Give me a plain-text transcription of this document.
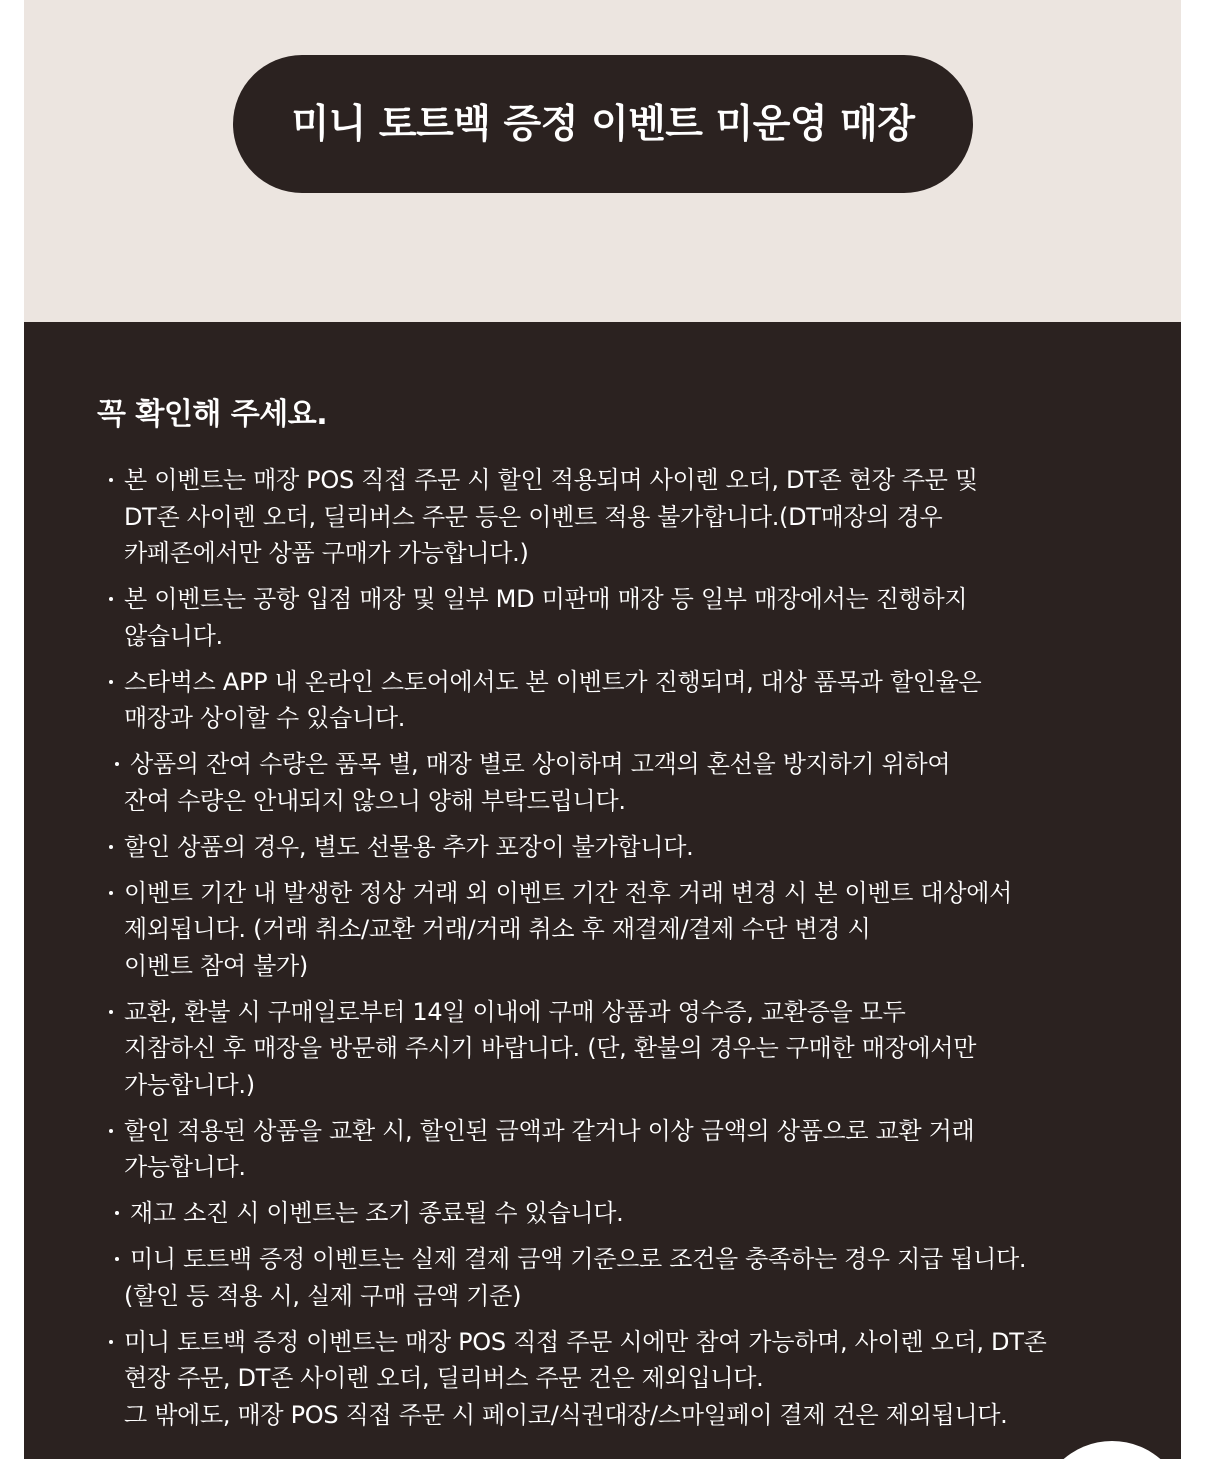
미니 토트백 증정 이벤트 미운영 매장
꼭 확인해 주세요.
본 이벤트는 매장 POS 직접 주문 시 할인 적용되며 사이렌 오더, DT존 현장 주문 및
DT존 사이렌 오더, 딜리버스 주문 등은 이벤트 적용 불가합니다.(DT매장의 경우
카페존에서만 상품 구매가 가능합니다.)
본 이벤트는 공항 입점 매장 및 일부 MD 미판매 매장 등 일부 매장에서는 진행하지
않습니다.
스타벅스 APP 내 온라인 스토어에서도 본 이벤트가 진행되며, 대상 품목과 할인율은
매장과 상이할 수 있습니다.
상품의 잔여 수량은 품목 별, 매장 별로 상이하며 고객의 혼선을 방지하기 위하여
잔여 수량은 안내되지 않으니 양해 부탁드립니다.
할인 상품의 경우, 별도 선물용 추가 포장이 불가합니다.
이벤트 기간 내 발생한 정상 거래 외 이벤트 기간 전후 거래 변경 시 본 이벤트 대상에서
제외됩니다. (거래 취소/교환 거래/거래 취소 후 재결제/결제 수단 변경 시
이벤트 참여 불가)
교환, 환불 시 구매일로부터 14일 이내에 구매 상품과 영수증, 교환증을 모두
지참하신 후 매장을 방문해 주시기 바랍니다. (단, 환불의 경우는 구매한 매장에서만
가능합니다.)
할인 적용된 상품을 교환 시, 할인된 금액과 같거나 이상 금액의 상품으로 교환 거래
가능합니다.
재고 소진 시 이벤트는 조기 종료될 수 있습니다.
미니 토트백 증정 이벤트는 실제 결제 금액 기준으로 조건을 충족하는 경우 지급 됩니다.
(할인 등 적용 시, 실제 구매 금액 기준)
미니 토트백 증정 이벤트는 매장 POS 직접 주문 시에만 참여 가능하며, 사이렌 오더, DT존
현장 주문, DT존 사이렌 오더, 딜리버스 주문 건은 제외입니다.
그 밖에도, 매장 POS 직접 주문 시 페이코/식권대장/스마일페이 결제 건은 제외됩니다.
